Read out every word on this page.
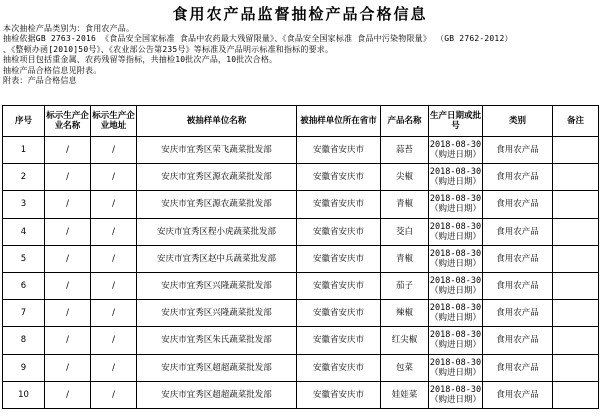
食用农产品监督抽检产品合格信息
本次抽检产品类别为：食用农产品。
抽检依据GB 2763-2016 《食品安全国家标准 食品中农药最大残留限量》、《食品安全国家标准 食品中污染物限量》 （GB 2762-2012）
、《整顿办函[2010]50号》、《农业部公告第235号》等标准及产品明示标准和指标的要求。
抽检项目包括重金属、农药残留等指标，共抽检10批次产品，10批次合格。
抽检产品合格信息见附表。
附表：产品合格信息
序号	标示生产企业名称	标示生产企业地址	被抽样单位名称	被抽样单位所在省市	产品名称	生产日期或批号	类别	备注
1	/	/	安庆市宜秀区荣飞蔬菜批发部	安徽省安庆市	蒜苔	2018-08-30
（购进日期）	食用农产品	
2	/	/	安庆市宜秀区源农蔬菜批发部	安徽省安庆市	尖椒	2018-08-30
（购进日期）	食用农产品	
3	/	/	安庆市宜秀区源农蔬菜批发部	安徽省安庆市	青椒	2018-08-30
（购进日期）	食用农产品	
4	/	/	安庆市宜秀区程小虎蔬菜批发部	安徽省安庆市	茭白	2018-08-30
（购进日期）	食用农产品	
5	/	/	安庆市宜秀区赵中兵蔬菜批发部	安徽省安庆市	青椒	2018-08-30
（购进日期）	食用农产品	
6	/	/	安庆市宜秀区兴隆蔬菜批发部	安徽省安庆市	茄子	2018-08-30
（购进日期）	食用农产品	
7	/	/	安庆市宜秀区兴隆蔬菜批发部	安徽省安庆市	辣椒	2018-08-30
（购进日期）	食用农产品	
8	/	/	安庆市宜秀区朱氏蔬菜批发部	安徽省安庆市	红尖椒	2018-08-30
（购进日期）	食用农产品	
9	/	/	安庆市宜秀区超超蔬菜批发部	安徽省安庆市	包菜	2018-08-30
（购进日期）	食用农产品	
10	/	/	安庆市宜秀区超超蔬菜批发部	安徽省安庆市	娃娃菜	2018-08-30
（购进日期）	食用农产品	
